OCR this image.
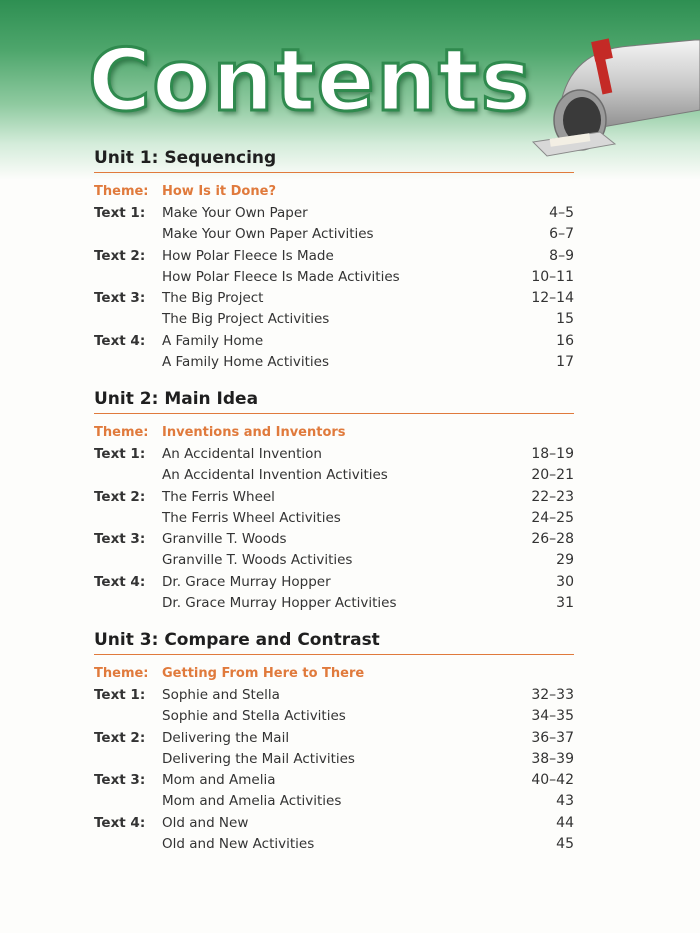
Contents
Unit 1: Sequencing
Theme:	How Is it Done?
Text 1:	Make Your Own Paper	4–5
Make Your Own Paper Activities	6–7
Text 2:	How Polar Fleece Is Made	8–9
How Polar Fleece Is Made Activities	10–11
Text 3:	The Big Project	12–14
The Big Project Activities	15
Text 4:	A Family Home	16
A Family Home Activities	17
Unit 2: Main Idea
Theme:	Inventions and Inventors
Text 1:	An Accidental Invention	18–19
An Accidental Invention Activities	20–21
Text 2:	The Ferris Wheel	22–23
The Ferris Wheel Activities	24–25
Text 3:	Granville T. Woods	26–28
Granville T. Woods Activities	29
Text 4:	Dr. Grace Murray Hopper	30
Dr. Grace Murray Hopper Activities	31
Unit 3: Compare and Contrast
Theme:	Getting From Here to There
Text 1:	Sophie and Stella	32–33
Sophie and Stella Activities	34–35
Text 2:	Delivering the Mail	36–37
Delivering the Mail Activities	38–39
Text 3:	Mom and Amelia	40–42
Mom and Amelia Activities	43
Text 4:	Old and New	44
Old and New Activities	45
